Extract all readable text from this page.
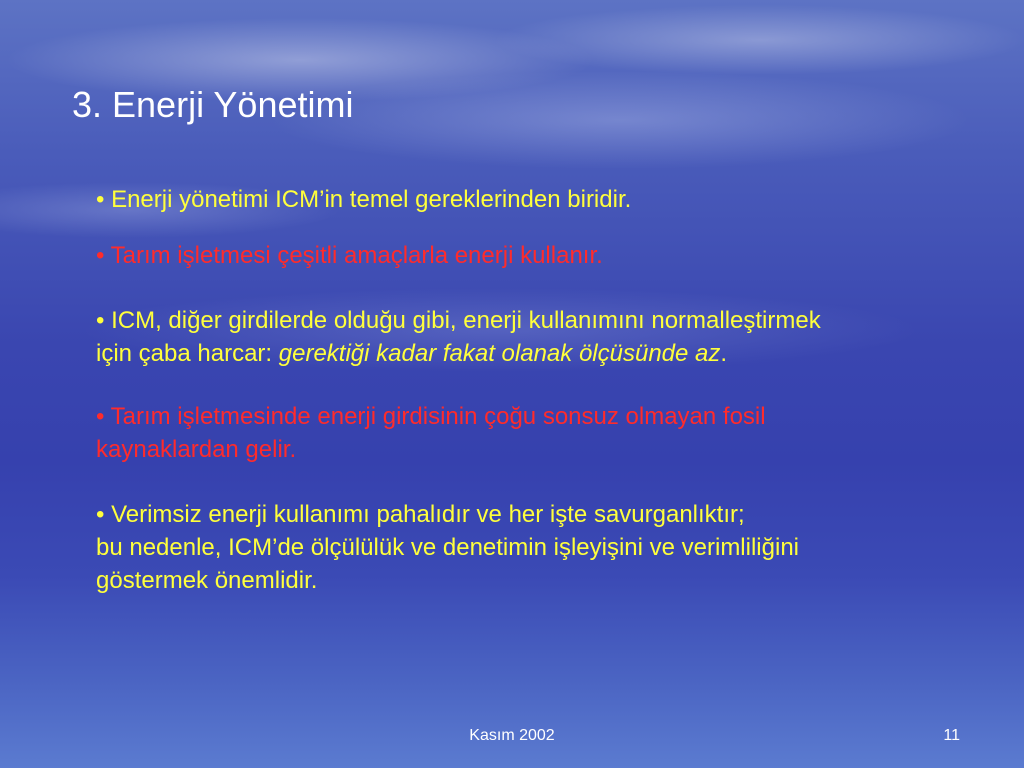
3. Enerji Yönetimi
• Enerji yönetimi ICM’in temel gereklerinden biridir.
• Tarım işletmesi çeşitli amaçlarla enerji kullanır.
• ICM, diğer girdilerde olduğu gibi, enerji kullanımını normalleştirmek
için çaba harcar: gerektiği kadar fakat olanak ölçüsünde az.
• Tarım işletmesinde enerji girdisinin çoğu sonsuz olmayan fosil
kaynaklardan gelir.
• Verimsiz enerji kullanımı pahalıdır ve her işte savurganlıktır;
bu nedenle, ICM’de ölçülülük ve denetimin işleyişini ve verimliliğini
göstermek önemlidir.
Kasım 2002	11
